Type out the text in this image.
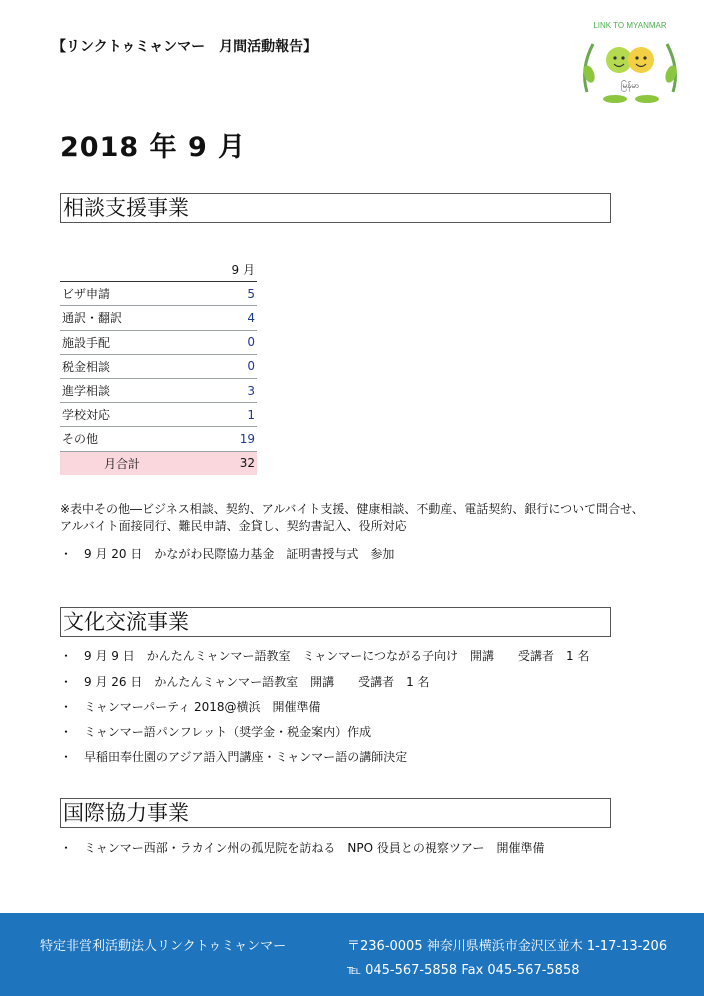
【リンクトゥミャンマー　月間活動報告】
LINK TO MYANMAR
မြန်မာ
2018 年 9 月
相談支援事業
	9 月
ビザ申請	5
通訳・翻訳	4
施設手配	0
税金相談	0
進学相談	3
学校対応	1
その他	19
月合計	32
※表中その他―ビジネス相談、契約、アルバイト支援、健康相談、不動産、電話契約、銀行について問合せ、アルバイト面接同行、難民申請、金貸し、契約書記入、役所対応
・ 9 月 20 日　かながわ民際協力基金　証明書授与式　参加
文化交流事業
・ 9 月 9 日　かんたんミャンマー語教室　ミャンマーにつながる子向け　開講　　受講者　1 名
・ 9 月 26 日　かんたんミャンマー語教室　開講　　受講者　1 名
・ ミャンマーパーティ 2018@横浜　開催準備
・ ミャンマー語パンフレット（奨学金・税金案内）作成
・ 早稲田奉仕園のアジア語入門講座・ミャンマー語の講師決定
国際協力事業
・ ミャンマー西部・ラカイン州の孤児院を訪ねる　NPO 役員との視察ツアー　開催準備
特定非営利活動法人リンクトゥミャンマー	〒236-0005 神奈川県横浜市金沢区並木 1-17-13-206
℡ 045-567-5858 Fax 045-567-5858
